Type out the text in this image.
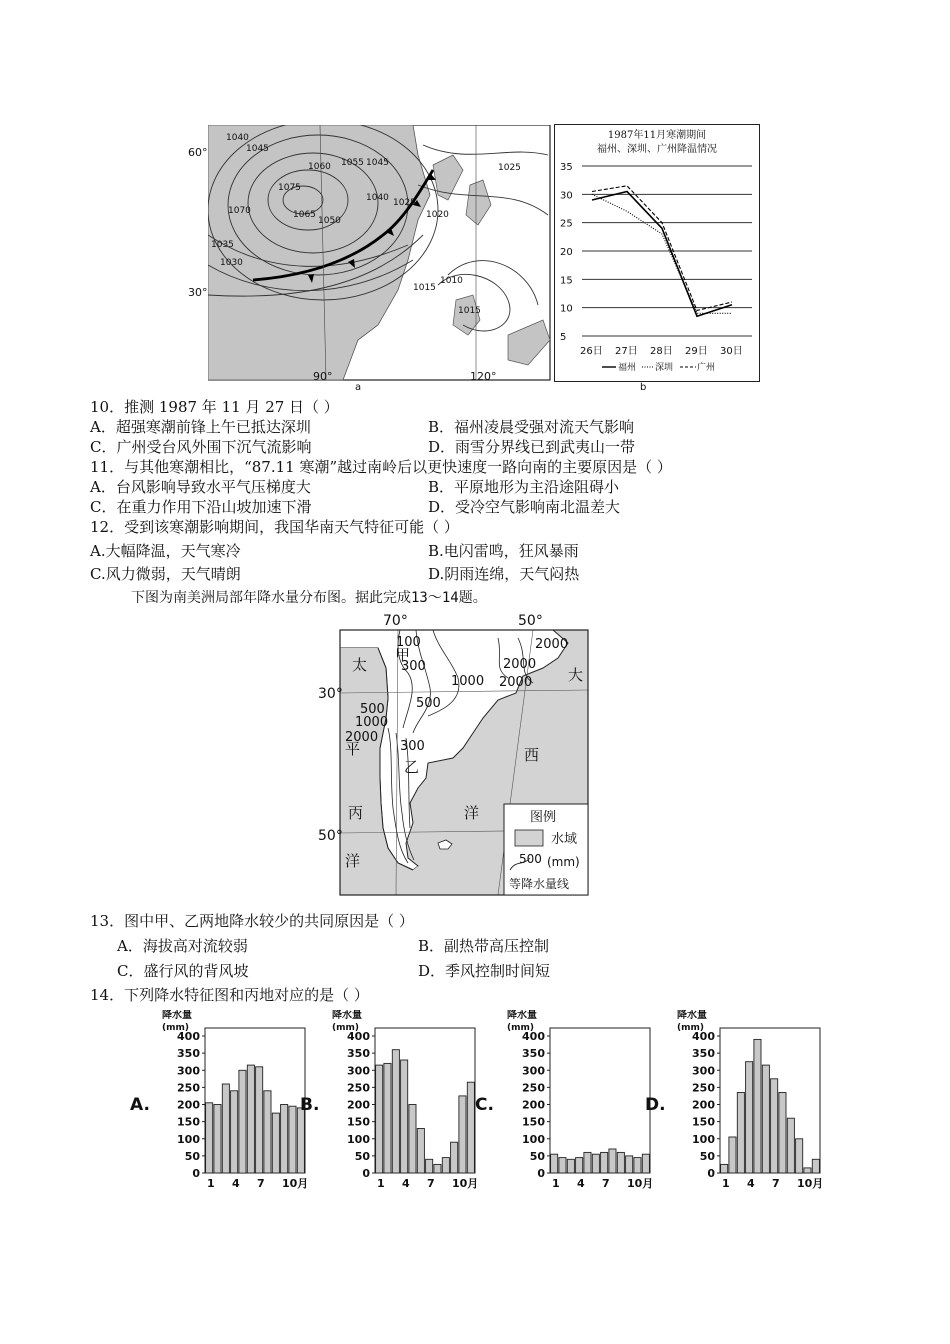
1040
1045
1060 1055 1045
1075
1070	1065
1050
1040
1035
1030
1025
1020
1025
1015
1010
1015
60°
30°
90°	120°
a
1987年11月寒潮期间
福州、深圳、广州降温情况
35
30
25
20
15
10
5
26日 27日 28日 29日 30日
福州 深圳	广州
b
10．推测 1987 年 11 月 27 日（ ）
A．超强寒潮前锋上午已抵达深圳	B．福州凌晨受强对流天气影响
C．广州受台风外围下沉气流影响	D．雨雪分界线已到武夷山一带
11．与其他寒潮相比，“87.11 寒潮”越过南岭后以更快速度一路向南的主要原因是（ ）
A．台风影响导致水平气压梯度大	B．平原地形为主沿途阻碍小
C．在重力作用下沿山坡加速下滑	D．受冷空气影响南北温差大
12．受到该寒潮影响期间，我国华南天气特征可能（ ）
A.大幅降温，天气寒冷	B.电闪雷鸣，狂风暴雨
C.风力微弱，天气晴朗	D.阴雨连绵，天气闷热
下图为南美洲局部年降水量分布图。据此完成13～14题。
70°	50°
30°
50°
甲
乙
太
平
丙
洋
大
西
洋
100
300
1000
2000
2000
2000
500
500
1000
2000
300
图例
水域
500 (mm)
等降水量线
13．图中甲、乙两地降水较少的共同原因是（ ）
A．海拔高对流较弱	B．副热带高压控制
C．盛行风的背风坡	D．季风控制时间短
14．下列降水特征图和丙地对应的是（ ）
降水量
(mm)
400
350
300
250
200
150
100
50
0
1 4 7 10月
A.
降水量
(mm)
400
350
300
250
200
150
100
50
0
1 4 7 10月
B.
降水量
(mm)
400
350
300
250
200
150
100
50
0
1 4 7 10月
C.
降水量
(mm)
400
350
300
250
200
150
100
50
0
1 4 7 10月
D.
